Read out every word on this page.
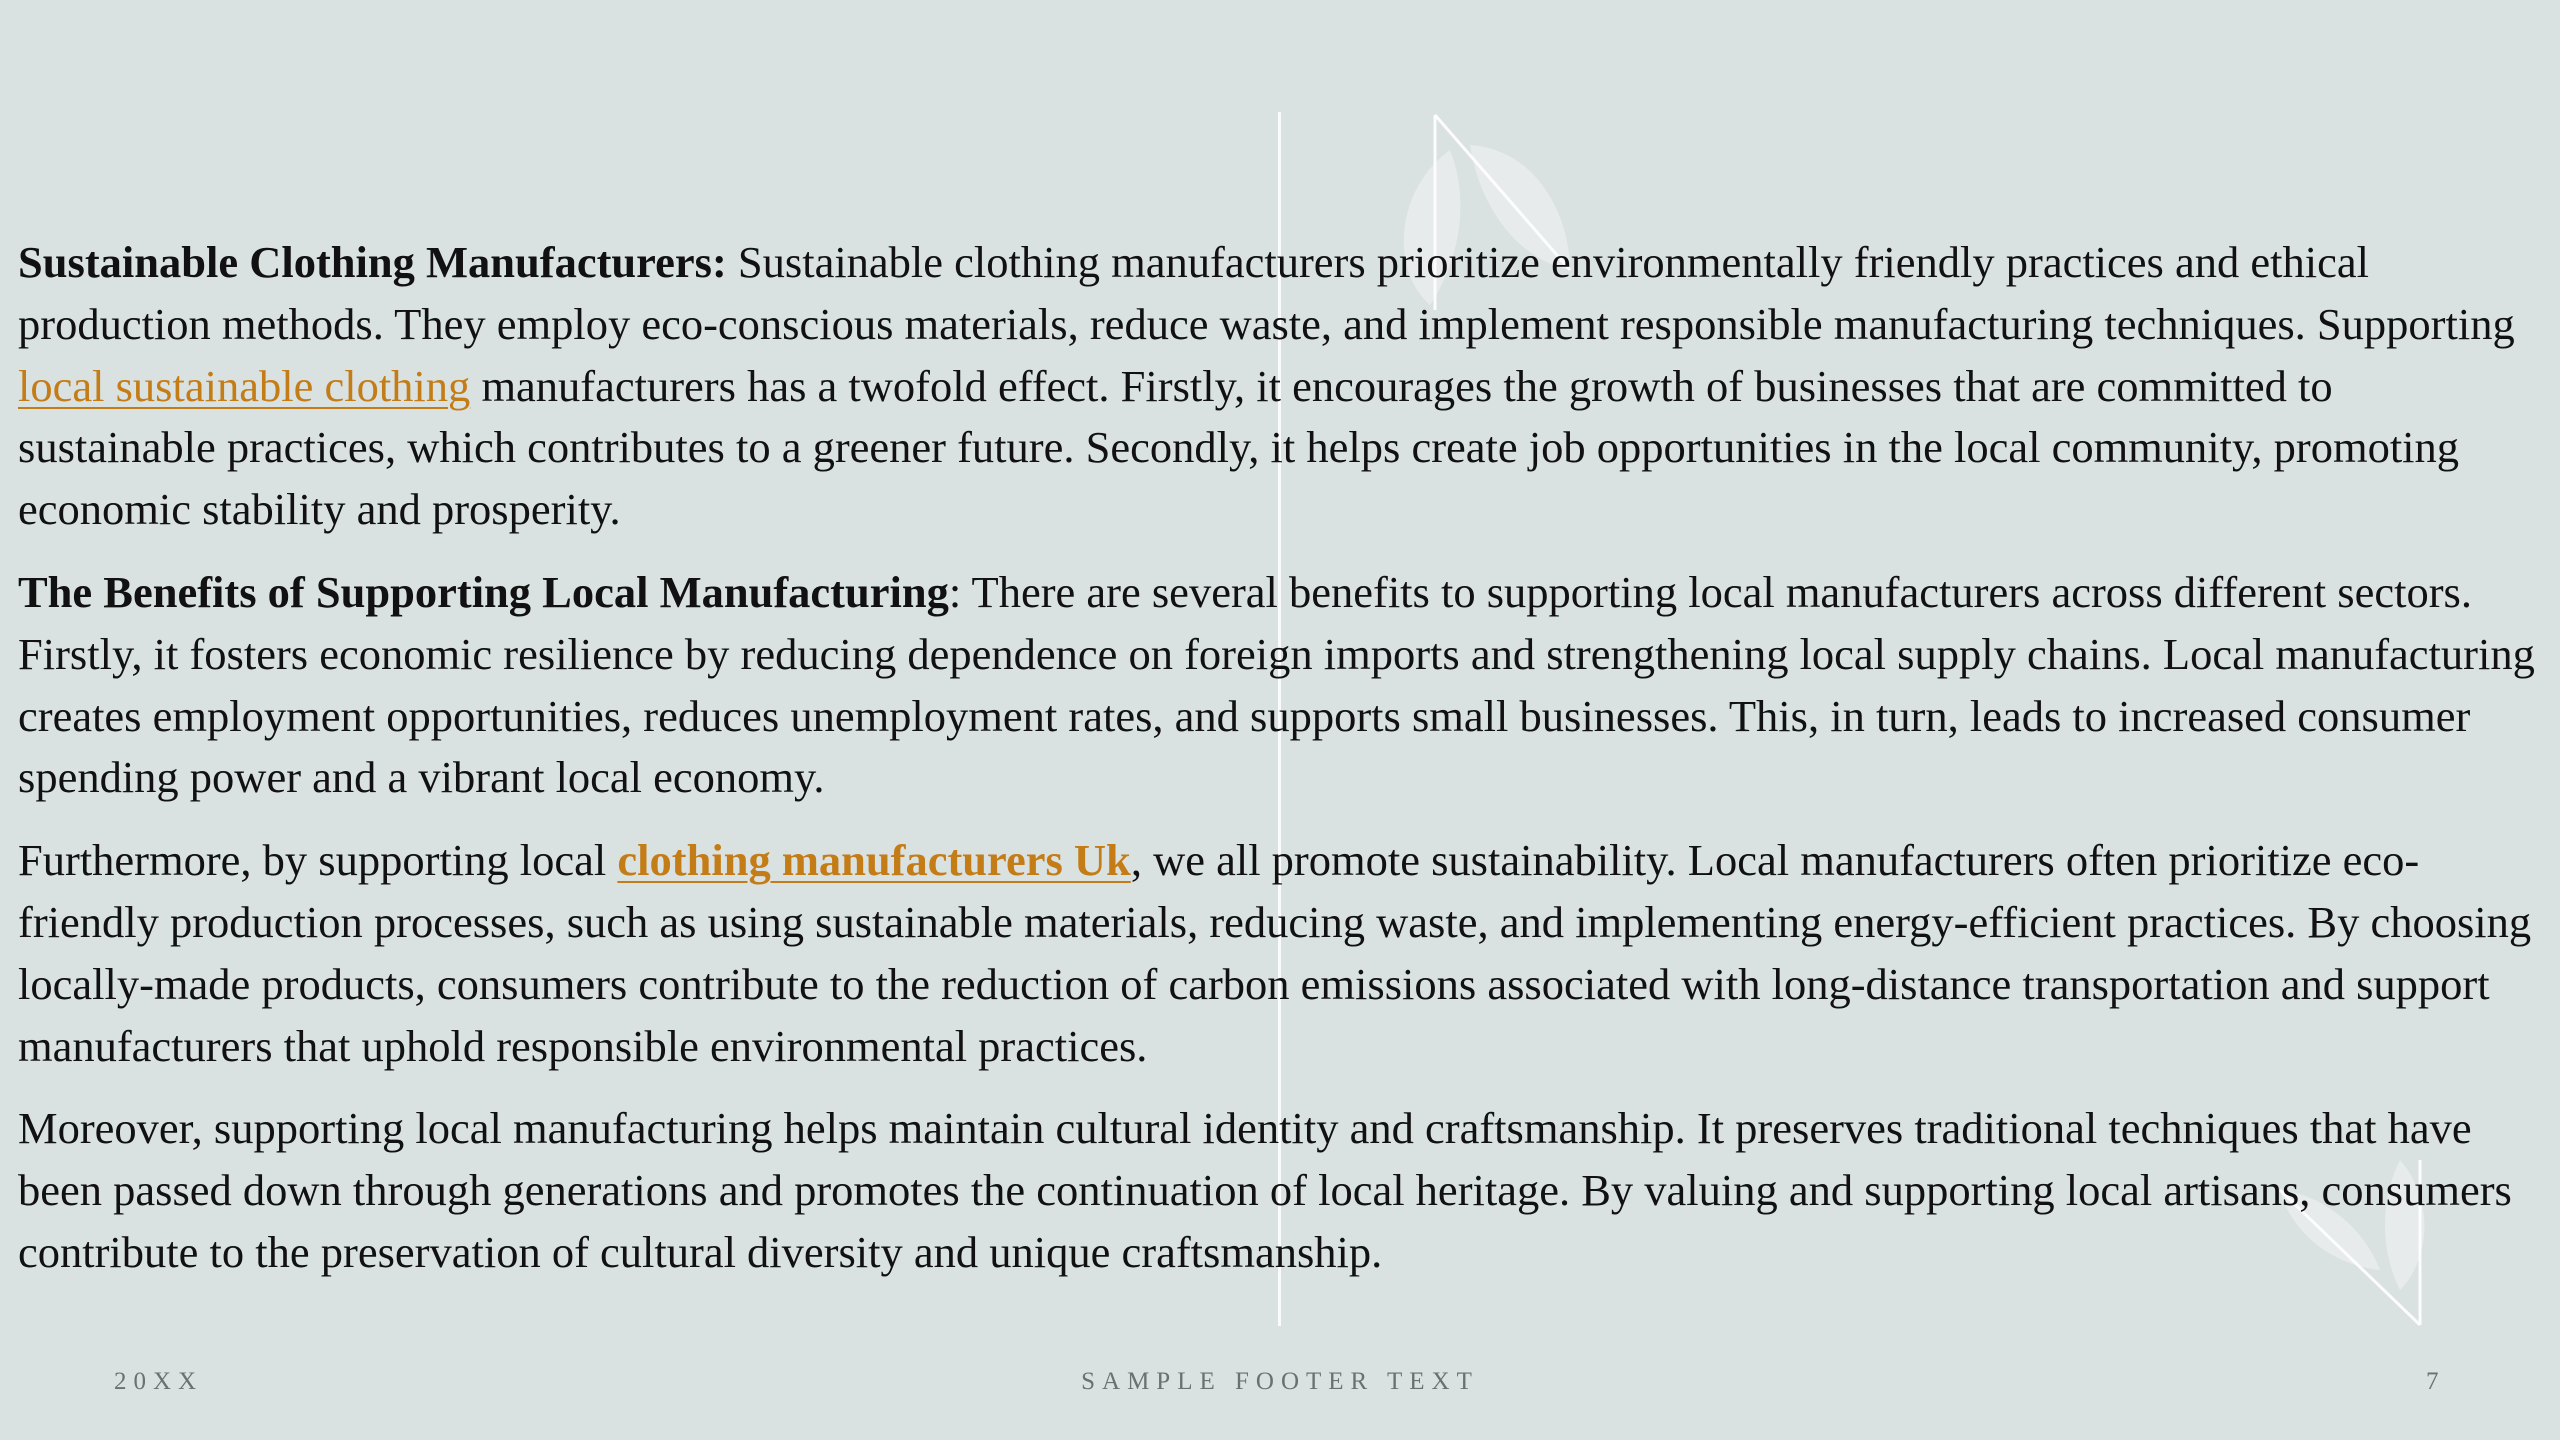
Sustainable Clothing Manufacturers: Sustainable clothing manufacturers prioritize environmentally friendly practices and ethical production methods. They employ eco-conscious materials, reduce waste, and implement responsible manufacturing techniques. Supporting local sustainable clothing manufacturers has a twofold effect. Firstly, it encourages the growth of businesses that are committed to sustainable practices, which contributes to a greener future. Secondly, it helps create job opportunities in the local community, promoting economic stability and prosperity.

The Benefits of Supporting Local Manufacturing: There are several benefits to supporting local manufacturers across different sectors. Firstly, it fosters economic resilience by reducing dependence on foreign imports and strengthening local supply chains. Local manufacturing creates employment opportunities, reduces unemployment rates, and supports small businesses. This, in turn, leads to increased consumer spending power and a vibrant local economy.

Furthermore, by supporting local clothing manufacturers Uk, we all promote sustainability. Local manufacturers often prioritize eco-friendly production processes, such as using sustainable materials, reducing waste, and implementing energy-efficient practices. By choosing locally-made products, consumers contribute to the reduction of carbon emissions associated with long-distance transportation and support manufacturers that uphold responsible environmental practices.

Moreover, supporting local manufacturing helps maintain cultural identity and craftsmanship. It preserves traditional techniques that have been passed down through generations and promotes the continuation of local heritage. By valuing and supporting local artisans, consumers contribute to the preservation of cultural diversity and unique craftsmanship.

20XX	SAMPLE FOOTER TEXT	7
